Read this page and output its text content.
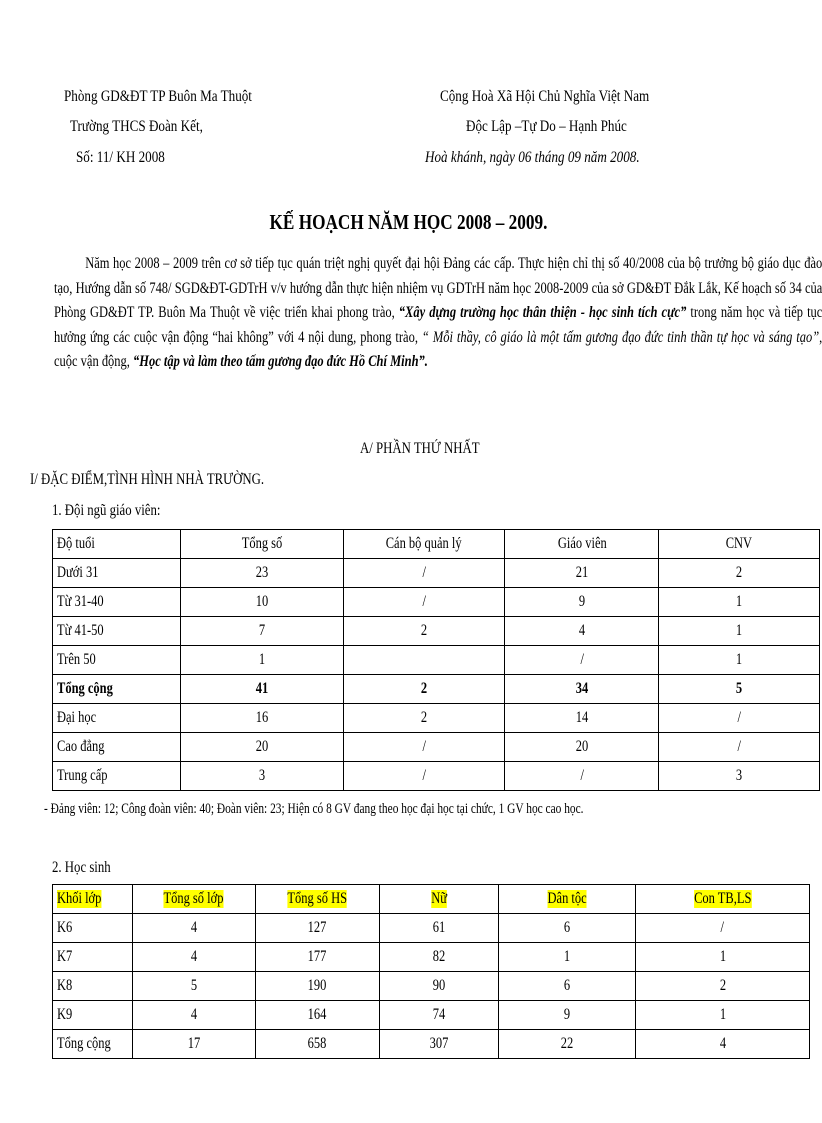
Phòng GD&ĐT TP Buôn Ma Thuột
Trường THCS Đoàn Kết,
Số: 11/ KH 2008
Cộng Hoà Xã Hội Chủ Nghĩa Việt Nam
Độc Lập –Tự Do – Hạnh Phúc
Hoà khánh, ngày 06 tháng 09 năm 2008.
KẾ HOẠCH NĂM HỌC 2008 – 2009.
Năm học 2008 – 2009 trên cơ sở tiếp tục quán triệt nghị quyết đại hội Đảng các cấp. Thực hiện chỉ thị số 40/2008 của bộ trưởng bộ giáo dục đào tạo, Hướng dẫn số 748/ SGD&ĐT-GDTrH v/v hướng dẫn thực hiện nhiệm vụ GDTrH năm học 2008-2009 của sở GD&ĐT Đắk Lắk, Kế hoạch số 34 của Phòng GD&ĐT TP. Buôn Ma Thuột về việc triển khai phong trào, “Xây dựng trường học thân thiện - học sinh tích cực” trong năm học và tiếp tục hưởng ứng các cuộc vận động “hai không” với 4 nội dung, phong trào, “ Mỗi thầy, cô giáo là một tấm gương đạo đức tinh thần tự học và sáng tạo”, cuộc vận động, “Học tập và làm theo tấm gương đạo đức Hồ Chí Minh”.
A/ PHẦN THỨ NHẤT
I/ ĐẶC ĐIỂM,TÌNH HÌNH NHÀ TRƯỜNG.
1. Đội ngũ giáo viên:
Độ tuổi	Tổng số	Cán bộ quản lý	Giáo viên	CNV
Dưới 31	23	/	21	2
Từ 31-40	10	/	9	1
Từ 41-50	7	2	4	1
Trên 50	1		/	1
Tổng cộng	41	2	34	5
Đại học	16	2	14	/
Cao đẳng	20	/	20	/
Trung cấp	3	/	/	3
- Đảng viên: 12; Công đoàn viên: 40; Đoàn viên: 23; Hiện có 8 GV đang theo học đại học tại chức, 1 GV học cao học.
2. Học sinh
Khối lớp	Tổng số lớp	Tổng số HS	Nữ	Dân tộc	Con TB,LS
K6	4	127	61	6	/
K7	4	177	82	1	1
K8	5	190	90	6	2
K9	4	164	74	9	1
Tổng cộng	17	658	307	22	4
